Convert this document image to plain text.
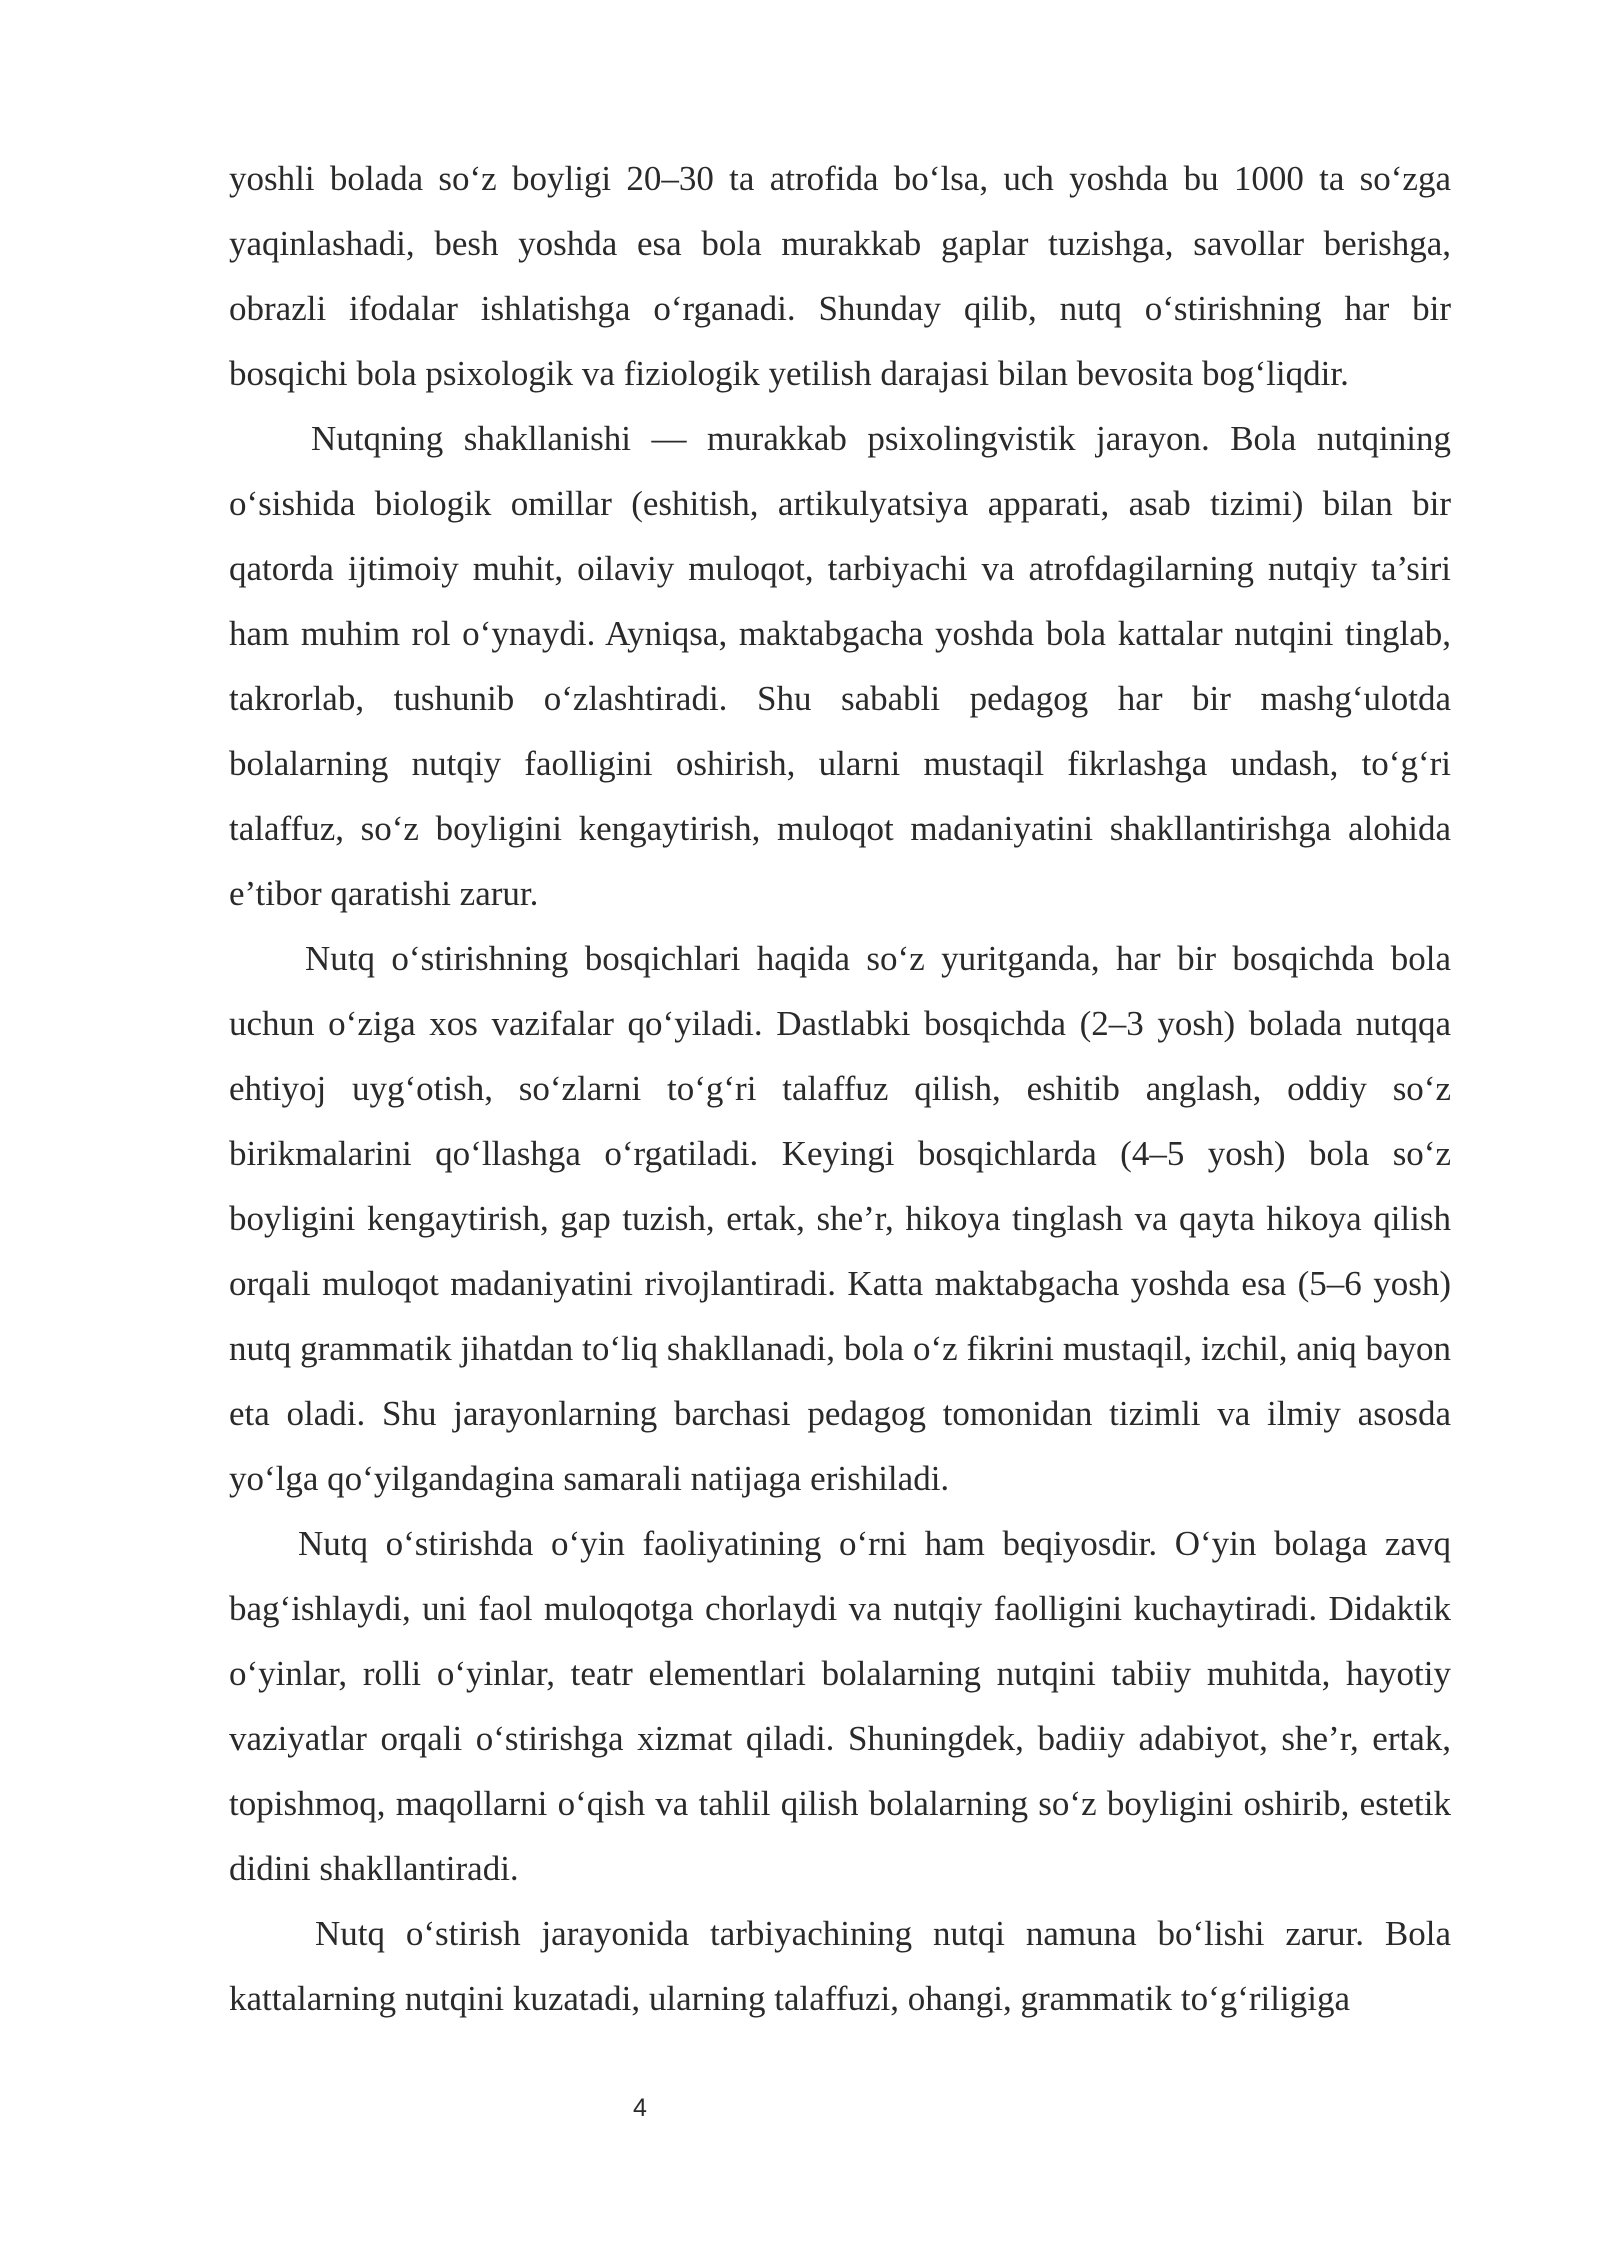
yoshli bolada so‘z boyligi 20–30 ta atrofida bo‘lsa, uch yoshda bu 1000 ta so‘zga yaqinlashadi, besh yoshda esa bola murakkab gaplar tuzishga, savollar berishga, obrazli ifodalar ishlatishga o‘rganadi. Shunday qilib, nutq o‘stirishning har bir bosqichi bola psixologik va fiziologik yetilish darajasi bilan bevosita bog‘liqdir.

Nutqning shakllanishi — murakkab psixolingvistik jarayon. Bola nutqining o‘sishida biologik omillar (eshitish, artikulyatsiya apparati, asab tizimi) bilan bir qatorda ijtimoiy muhit, oilaviy muloqot, tarbiyachi va atrofdagilarning nutqiy ta’siri ham muhim rol o‘ynaydi. Ayniqsa, maktabgacha yoshda bola kattalar nutqini tinglab, takrorlab, tushunib o‘zlashtiradi. Shu sababli pedagog har bir mashg‘ulotda bolalarning nutqiy faolligini oshirish, ularni mustaqil fikrlashga undash, to‘g‘ri talaffuz, so‘z boyligini kengaytirish, muloqot madaniyatini shakllantirishga alohida e’tibor qaratishi zarur.

Nutq o‘stirishning bosqichlari haqida so‘z yuritganda, har bir bosqichda bola uchun o‘ziga xos vazifalar qo‘yiladi. Dastlabki bosqichda (2–3 yosh) bolada nutqqa ehtiyoj uyg‘otish, so‘zlarni to‘g‘ri talaffuz qilish, eshitib anglash, oddiy so‘z birikmalarini qo‘llashga o‘rgatiladi. Keyingi bosqichlarda (4–5 yosh) bola so‘z boyligini kengaytirish, gap tuzish, ertak, she’r, hikoya tinglash va qayta hikoya qilish orqali muloqot madaniyatini rivojlantiradi. Katta maktabgacha yoshda esa (5–6 yosh) nutq grammatik jihatdan to‘liq shakllanadi, bola o‘z fikrini mustaqil, izchil, aniq bayon eta oladi. Shu jarayonlarning barchasi pedagog tomonidan tizimli va ilmiy asosda yo‘lga qo‘yilgandagina samarali natijaga erishiladi.

Nutq o‘stirishda o‘yin faoliyatining o‘rni ham beqiyosdir. O‘yin bolaga zavq bag‘ishlaydi, uni faol muloqotga chorlaydi va nutqiy faolligini kuchaytiradi. Didaktik o‘yinlar, rolli o‘yinlar, teatr elementlari bolalarning nutqini tabiiy muhitda, hayotiy vaziyatlar orqali o‘stirishga xizmat qiladi. Shuningdek, badiiy adabiyot, she’r, ertak, topishmoq, maqollarni o‘qish va tahlil qilish bolalarning so‘z boyligini oshirib, estetik didini shakllantiradi.

Nutq o‘stirish jarayonida tarbiyachining nutqi namuna bo‘lishi zarur. Bola kattalarning nutqini kuzatadi, ularning talaffuzi, ohangi, grammatik to‘g‘riligiga

4
